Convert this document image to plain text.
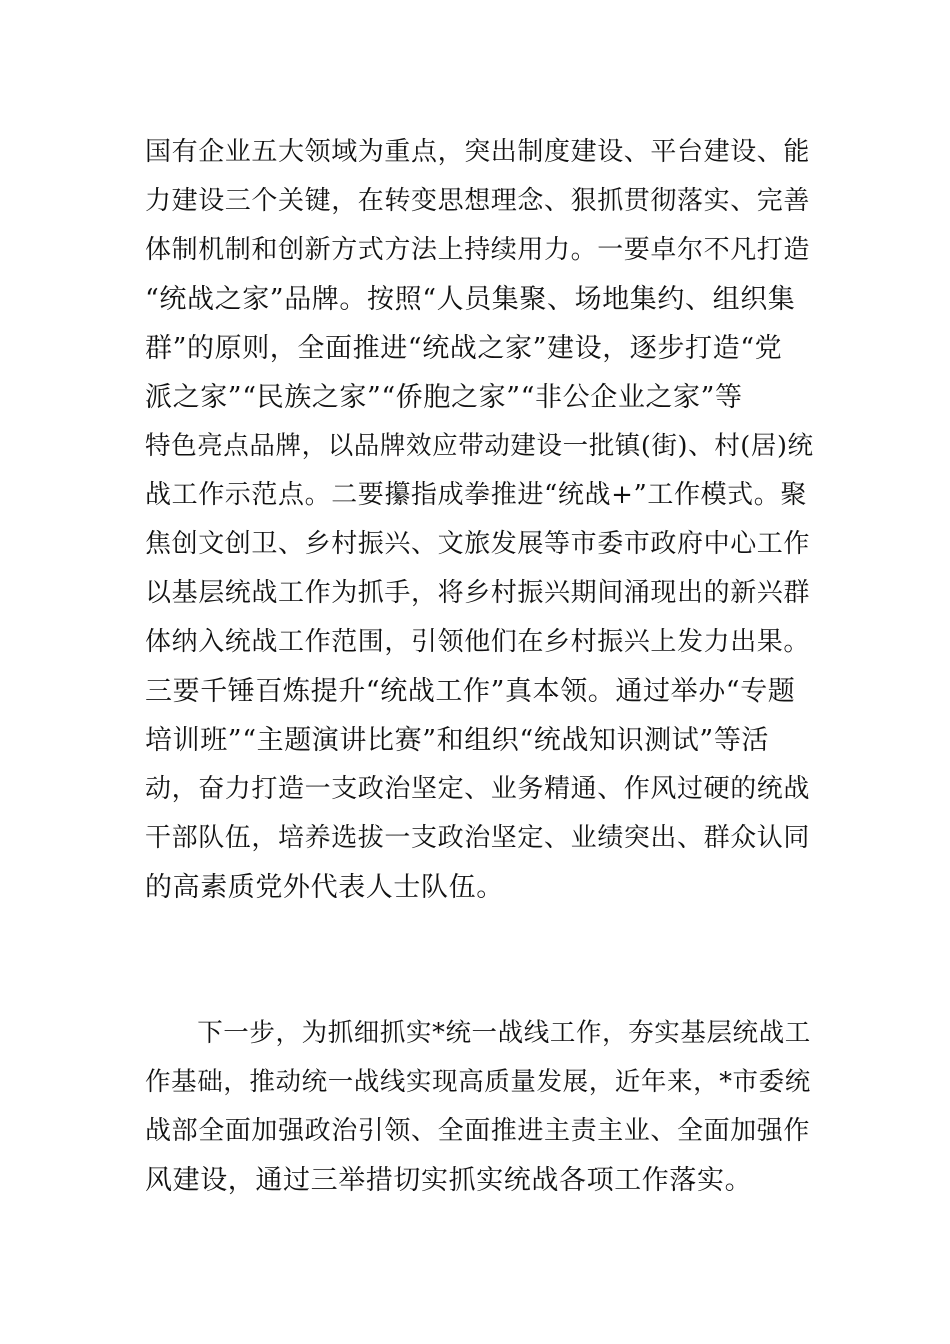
国有企业五大领域为重点，突出制度建设、平台建设、能
力建设三个关键，在转变思想理念、狠抓贯彻落实、完善
体制机制和创新方式方法上持续用力。一要卓尔不凡打造
“统战之家”品牌。按照“人员集聚、场地集约、组织集
群”的原则，全面推进“统战之家”建设，逐步打造“党
派之家”“民族之家”“侨胞之家”“非公企业之家”等
特色亮点品牌，以品牌效应带动建设一批镇(街)、村(居)统
战工作示范点。二要攥指成拳推进“统战+”工作模式。聚
焦创文创卫、乡村振兴、文旅发展等市委市政府中心工作
以基层统战工作为抓手，将乡村振兴期间涌现出的新兴群
体纳入统战工作范围，引领他们在乡村振兴上发力出果。
三要千锤百炼提升“统战工作”真本领。通过举办“专题
培训班”“主题演讲比赛”和组织“统战知识测试”等活
动，奋力打造一支政治坚定、业务精通、作风过硬的统战
干部队伍，培养选拔一支政治坚定、业绩突出、群众认同
的高素质党外代表人士队伍。
　　下一步，为抓细抓实*统一战线工作，夯实基层统战工
作基础，推动统一战线实现高质量发展，近年来，*市委统
战部全面加强政治引领、全面推进主责主业、全面加强作
风建设，通过三举措切实抓实统战各项工作落实。
